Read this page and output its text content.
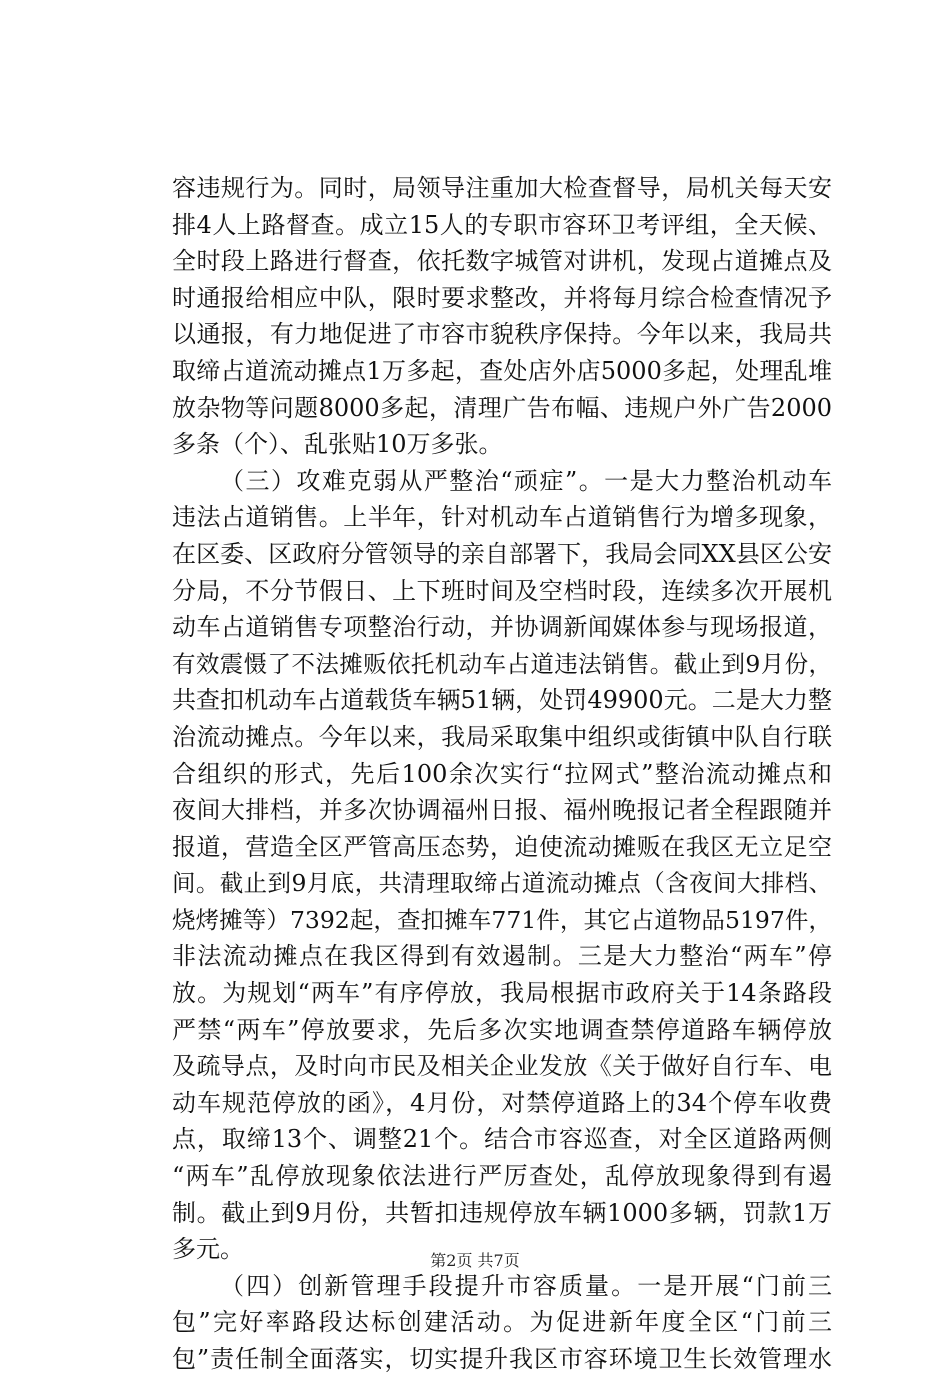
容违规行为。同时，局领导注重加大检查督导，局机关每天安
排4人上路督查。成立15人的专职市容环卫考评组，全天候、
全时段上路进行督查，依托数字城管对讲机，发现占道摊点及
时通报给相应中队，限时要求整改，并将每月综合检查情况予
以通报，有力地促进了市容市貌秩序保持。今年以来，我局共
取缔占道流动摊点1万多起，查处店外店5000多起，处理乱堆
放杂物等问题8000多起，清理广告布幅、违规户外广告2000
多条（个）、乱张贴10万多张。
（三）攻难克弱从严整治“顽症”。一是大力整治机动车
违法占道销售。上半年，针对机动车占道销售行为增多现象，
在区委、区政府分管领导的亲自部署下，我局会同XX县区公安
分局，不分节假日、上下班时间及空档时段，连续多次开展机
动车占道销售专项整治行动，并协调新闻媒体参与现场报道，
有效震慑了不法摊贩依托机动车占道违法销售。截止到9月份，
共查扣机动车占道载货车辆51辆，处罚49900元。二是大力整
治流动摊点。今年以来，我局采取集中组织或街镇中队自行联
合组织的形式，先后100余次实行“拉网式”整治流动摊点和
夜间大排档，并多次协调福州日报、福州晚报记者全程跟随并
报道，营造全区严管高压态势，迫使流动摊贩在我区无立足空
间。截止到9月底，共清理取缔占道流动摊点（含夜间大排档、
烧烤摊等）7392起，查扣摊车771件，其它占道物品5197件，
非法流动摊点在我区得到有效遏制。三是大力整治“两车”停
放。为规划“两车”有序停放，我局根据市政府关于14条路段
严禁“两车”停放要求，先后多次实地调查禁停道路车辆停放
及疏导点，及时向市民及相关企业发放《关于做好自行车、电
动车规范停放的函》，4月份，对禁停道路上的34个停车收费
点，取缔13个、调整21个。结合市容巡查，对全区道路两侧
“两车”乱停放现象依法进行严厉查处，乱停放现象得到有遏
制。截止到9月份，共暂扣违规停放车辆1000多辆，罚款1万
多元。
（四）创新管理手段提升市容质量。一是开展“门前三
包”完好率路段达标创建活动。为促进新年度全区“门前三
包”责任制全面落实，切实提升我区市容环境卫生长效管理水
第2页 共7页
